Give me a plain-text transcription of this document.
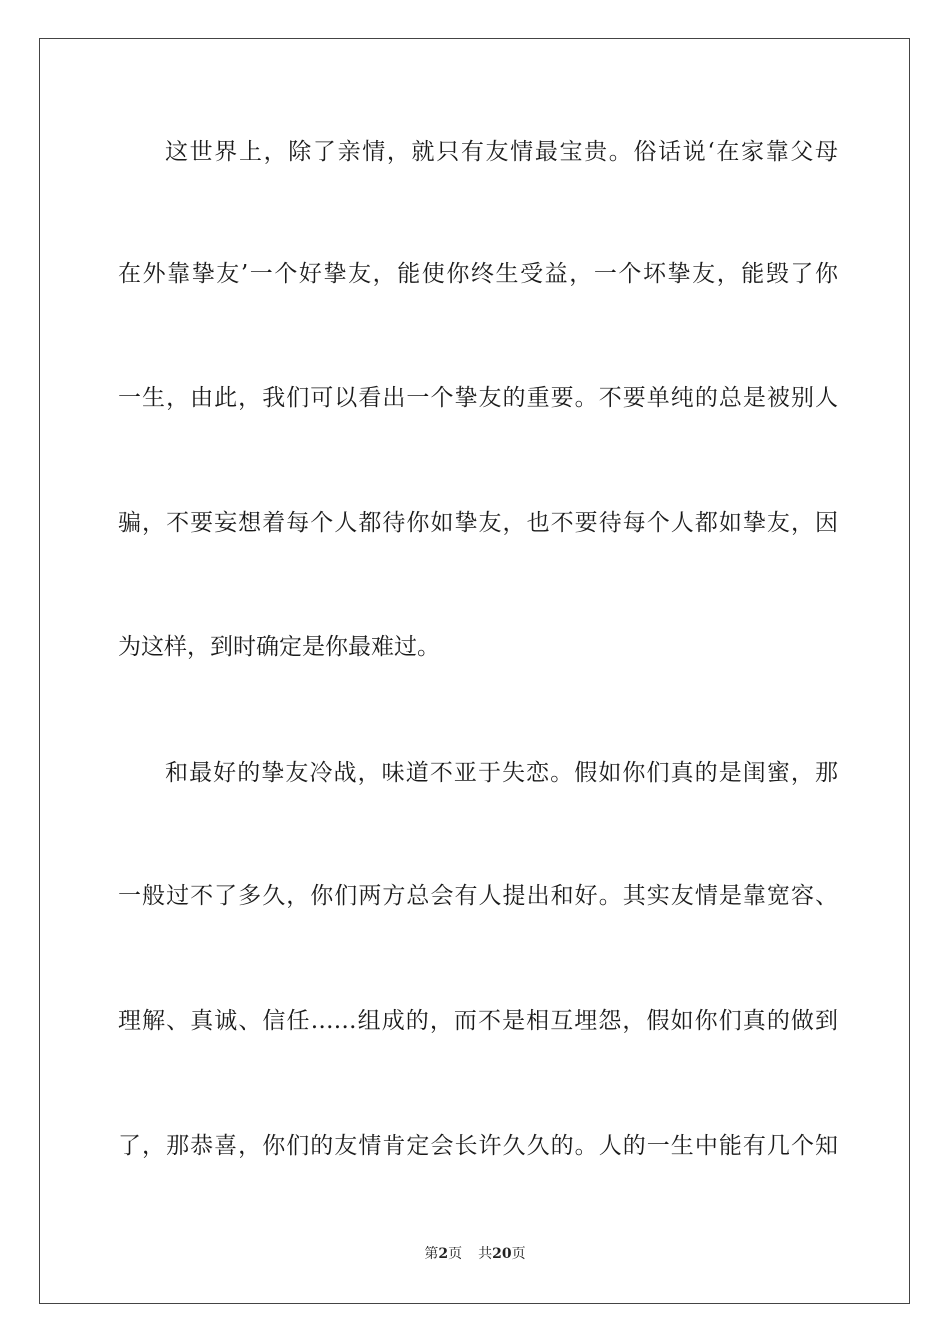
这世界上，除了亲情，就只有友情最宝贵。俗话说‘在家靠父母
在外靠挚友’一个好挚友，能使你终生受益，一个坏挚友，能毁了你
一生，由此，我们可以看出一个挚友的重要。不要单纯的总是被别人
骗，不要妄想着每个人都待你如挚友，也不要待每个人都如挚友，因
为这样，到时确定是你最难过。
和最好的挚友冷战，味道不亚于失恋。假如你们真的是闺蜜，那
一般过不了多久，你们两方总会有人提出和好。其实友情是靠宽容、
理解、真诚、信任……组成的，而不是相互埋怨，假如你们真的做到
了，那恭喜，你们的友情肯定会长许久久的。人的一生中能有几个知
第2页 共20页
